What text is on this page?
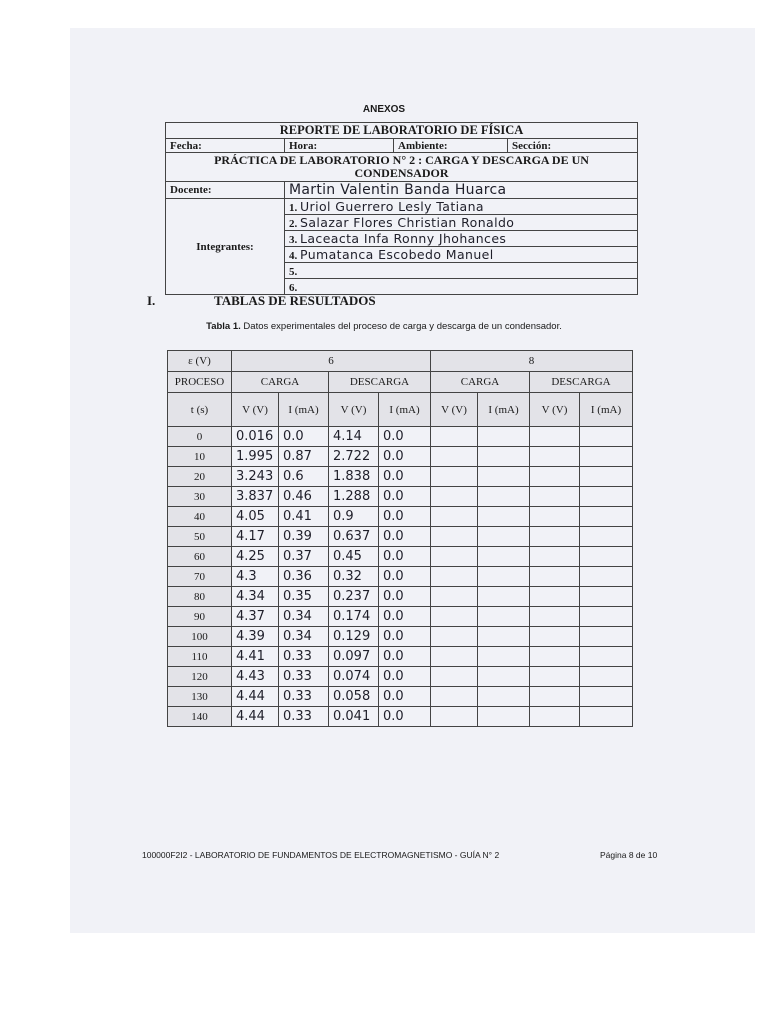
ANEXOS
REPORTE DE LABORATORIO DE FÍSICA			
Fecha:	Hora:	Ambiente:	Sección:
PRÁCTICA DE LABORATORIO N° 2 : CARGA Y DESCARGA DE UN CONDENSADOR			
Docente:	Martin Valentin Banda Huarca		
Integrantes:	1. Uriol Guerrero Lesly Tatiana		
	2. Salazar Flores Christian Ronaldo		
	3. Laceacta Infa Ronny Jhohances		
	4. Pumatanca Escobedo Manuel		
	5.		
	6.		
I.	TABLAS DE RESULTADOS
Tabla 1. Datos experimentales del proceso de carga y descarga de un condensador.
ε (V)	6				8			
PROCESO	CARGA		DESCARGA		CARGA		DESCARGA	
t (s)	V (V)	I (mA)	V (V)	I (mA)	V (V)	I (mA)	V (V)	I (mA)
0	0.016	0.0	4.14	0.0				
10	1.995	0.87	2.722	0.0				
20	3.243	0.6	1.838	0.0				
30	3.837	0.46	1.288	0.0				
40	4.05	0.41	0.9	0.0				
50	4.17	0.39	0.637	0.0				
60	4.25	0.37	0.45	0.0				
70	4.3	0.36	0.32	0.0				
80	4.34	0.35	0.237	0.0				
90	4.37	0.34	0.174	0.0				
100	4.39	0.34	0.129	0.0				
110	4.41	0.33	0.097	0.0				
120	4.43	0.33	0.074	0.0				
130	4.44	0.33	0.058	0.0				
140	4.44	0.33	0.041	0.0				
100000F2I2 - LABORATORIO DE FUNDAMENTOS DE ELECTROMAGNETISMO - GUÍA N° 2	Página 8 de 10
